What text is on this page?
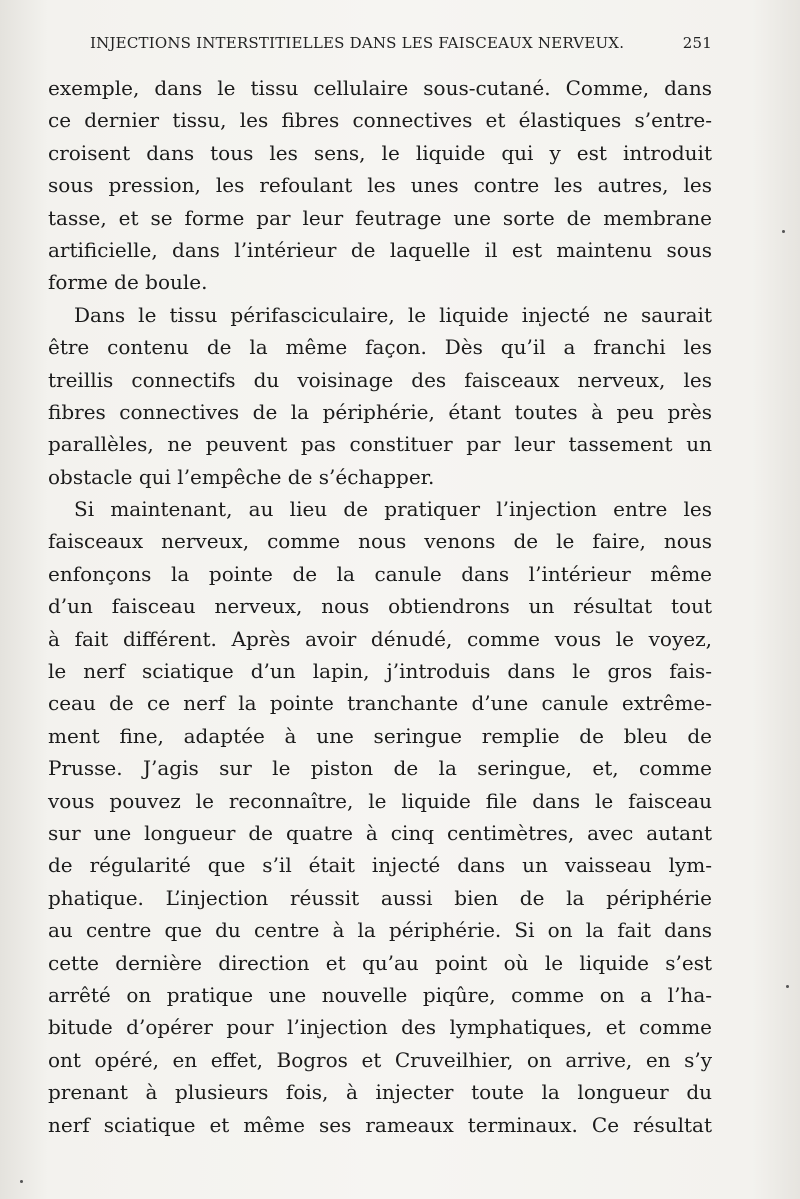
INJECTIONS INTERSTITIELLES DANS LES FAISCEAUX NERVEUX.	251
exemple, dans le tissu cellulaire sous-cutané. Comme, dans
ce dernier tissu, les fibres connectives et élastiques s’entre-
croisent dans tous les sens, le liquide qui y est introduit
sous pression, les refoulant les unes contre les autres, les
tasse, et se forme par leur feutrage une sorte de membrane
artificielle, dans l’intérieur de laquelle il est maintenu sous
forme de boule.
Dans le tissu périfasciculaire, le liquide injecté ne saurait
être contenu de la même façon. Dès qu’il a franchi les
treillis connectifs du voisinage des faisceaux nerveux, les
fibres connectives de la périphérie, étant toutes à peu près
parallèles, ne peuvent pas constituer par leur tassement un
obstacle qui l’empêche de s’échapper.
Si maintenant, au lieu de pratiquer l’injection entre les
faisceaux nerveux, comme nous venons de le faire, nous
enfonçons la pointe de la canule dans l’intérieur même
d’un faisceau nerveux, nous obtiendrons un résultat tout
à fait différent. Après avoir dénudé, comme vous le voyez,
le nerf sciatique d’un lapin, j’introduis dans le gros fais-
ceau de ce nerf la pointe tranchante d’une canule extrême-
ment fine, adaptée à une seringue remplie de bleu de
Prusse. J’agis sur le piston de la seringue, et, comme
vous pouvez le reconnaître, le liquide file dans le faisceau
sur une longueur de quatre à cinq centimètres, avec autant
de régularité que s’il était injecté dans un vaisseau lym-
phatique. L’injection réussit aussi bien de la périphérie
au centre que du centre à la périphérie. Si on la fait dans
cette dernière direction et qu’au point où le liquide s’est
arrêté on pratique une nouvelle piqûre, comme on a l’ha-
bitude d’opérer pour l’injection des lymphatiques, et comme
ont opéré, en effet, Bogros et Cruveilhier, on arrive, en s’y
prenant à plusieurs fois, à injecter toute la longueur du
nerf sciatique et même ses rameaux terminaux. Ce résultat
